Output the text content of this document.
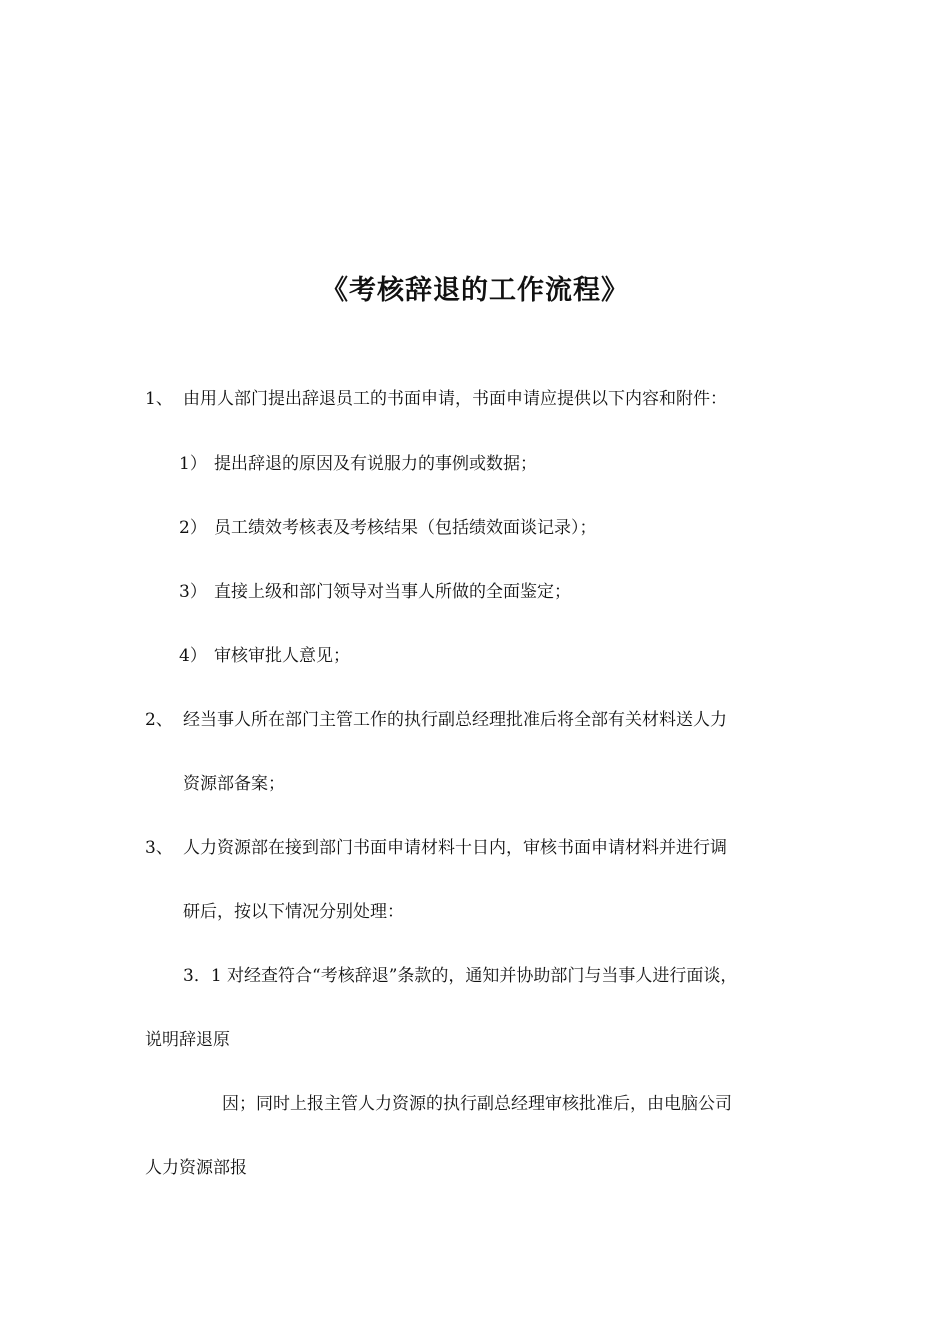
《考核辞退的工作流程》
1、 由用人部门提出辞退员工的书面申请，书面申请应提供以下内容和附件：
1） 提出辞退的原因及有说服力的事例或数据；
2） 员工绩效考核表及考核结果（包括绩效面谈记录）；
3） 直接上级和部门领导对当事人所做的全面鉴定；
4） 审核审批人意见；
2、 经当事人所在部门主管工作的执行副总经理批准后将全部有关材料送人力
资源部备案；
3、 人力资源部在接到部门书面申请材料十日内，审核书面申请材料并进行调
研后，按以下情况分别处理：
3．1 对经查符合“考核辞退”条款的，通知并协助部门与当事人进行面谈，
说明辞退原
因；同时上报主管人力资源的执行副总经理审核批准后，由电脑公司
人力资源部报
